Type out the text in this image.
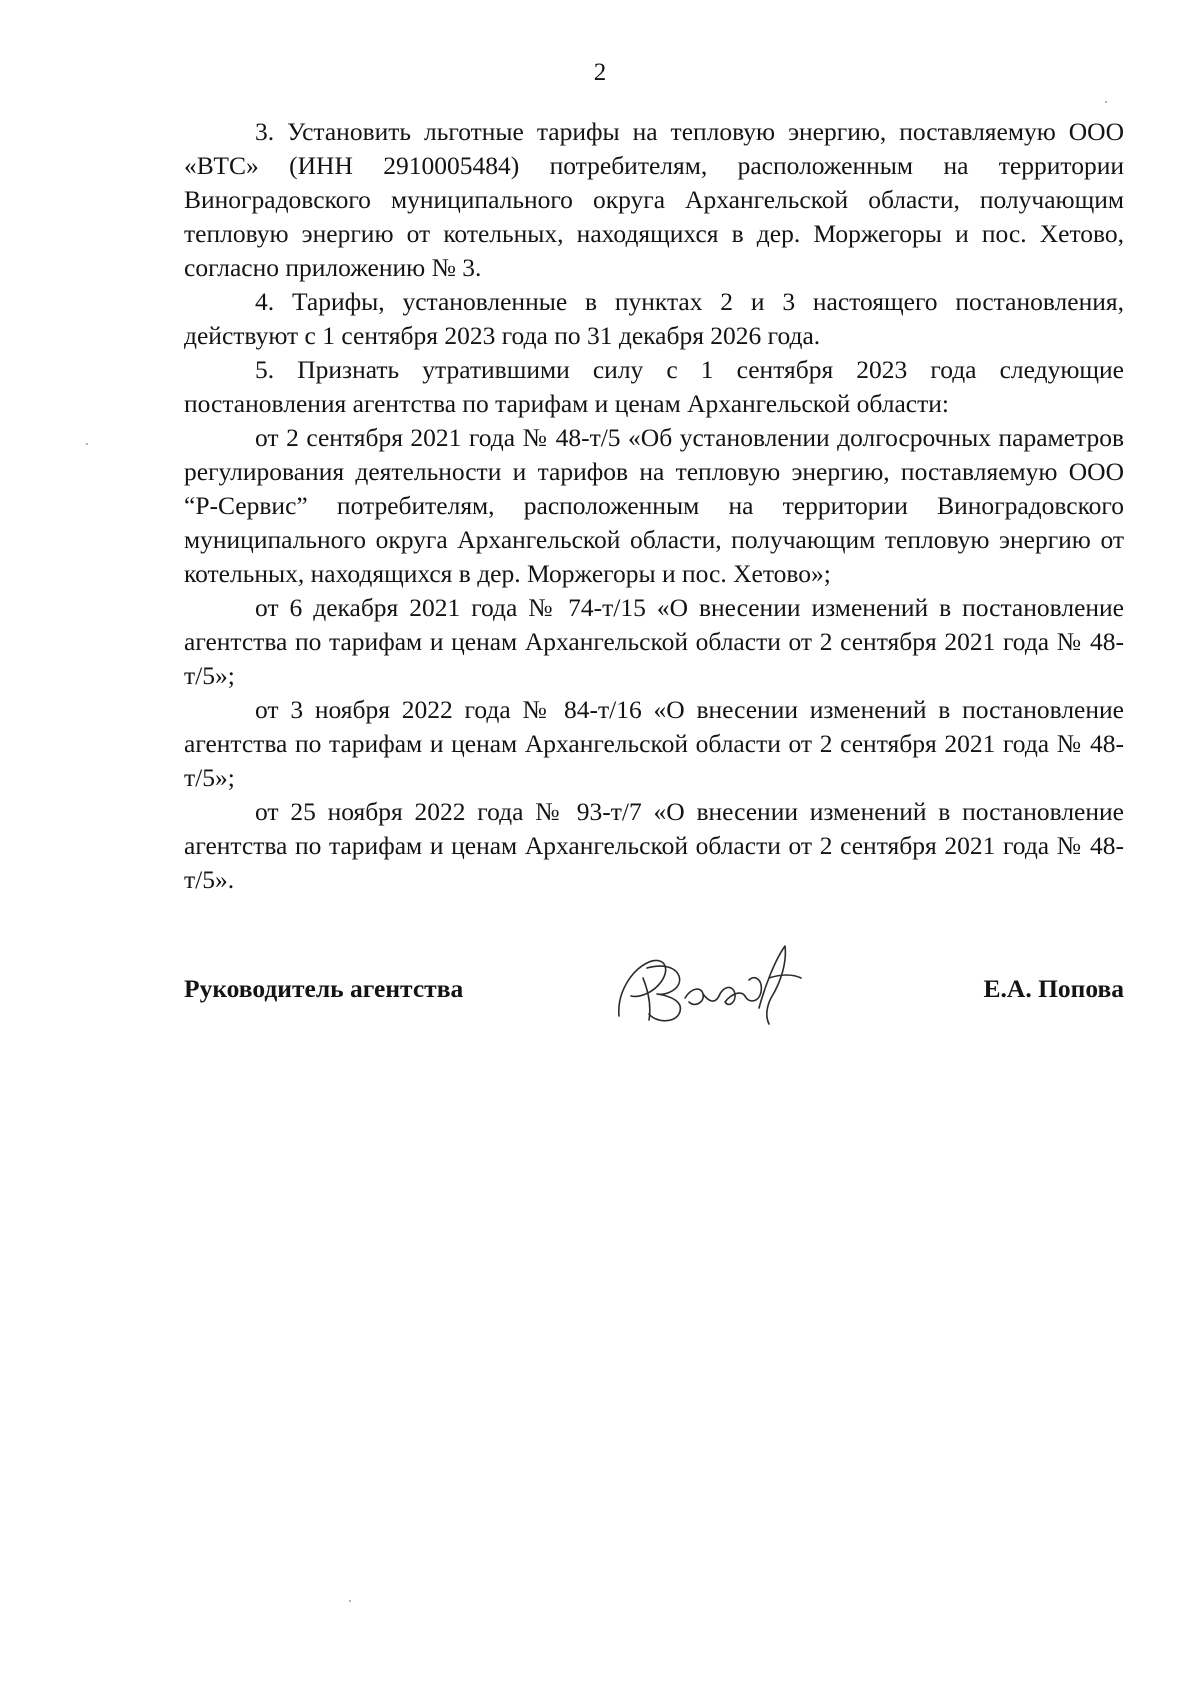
2

3. Установить льготные тарифы на тепловую энергию, поставляемую ООО «ВТС» (ИНН 2910005484) потребителям, расположенным на территории Виноградовского муниципального округа Архангельской области, получающим тепловую энергию от котельных, находящихся в дер. Моржегоры и пос. Хетово, согласно приложению № 3.

4. Тарифы, установленные в пунктах 2 и 3 настоящего постановления, действуют с 1 сентября 2023 года по 31 декабря 2026 года.

5. Признать утратившими силу с 1 сентября 2023 года следующие постановления агентства по тарифам и ценам Архангельской области:

от 2 сентября 2021 года № 48-т/5 «Об установлении долгосрочных параметров регулирования деятельности и тарифов на тепловую энергию, поставляемую ООО “Р-Сервис” потребителям, расположенным на территории Виноградовского муниципального округа Архангельской области, получающим тепловую энергию от котельных, находящихся в дер. Моржегоры и пос. Хетово»;

от 6 декабря 2021 года № 74-т/15 «О внесении изменений в постановление агентства по тарифам и ценам Архангельской области от 2 сентября 2021 года № 48-т/5»;

от 3 ноября 2022 года № 84-т/16 «О внесении изменений в постановление агентства по тарифам и ценам Архангельской области от 2 сентября 2021 года № 48-т/5»;

от 25 ноября 2022 года № 93-т/7 «О внесении изменений в постановление агентства по тарифам и ценам Архангельской области от 2 сентября 2021 года № 48-т/5».

Руководитель агентства	Е.А. Попова
